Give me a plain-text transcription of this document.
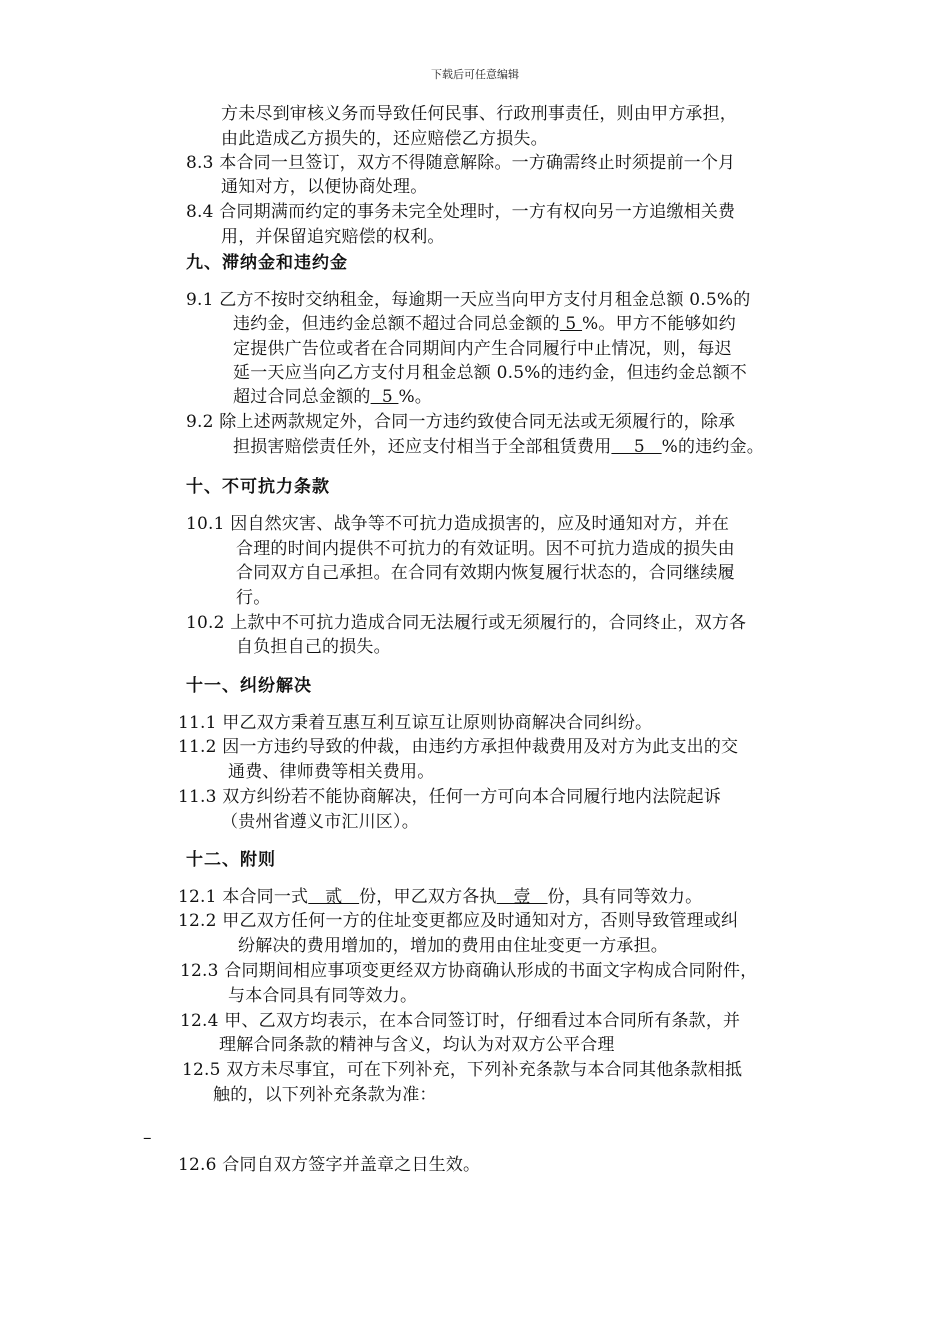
下载后可任意编辑
方未尽到审核义务而导致任何民事、行政刑事责任，则由甲方承担，
由此造成乙方损失的，还应赔偿乙方损失。
8.3 本合同一旦签订，双方不得随意解除。一方确需终止时须提前一个月
通知对方，以便协商处理。
8.4 合同期满而约定的事务未完全处理时，一方有权向另一方追缴相关费
用，并保留追究赔偿的权利。
九、滞纳金和违约金
9.1 乙方不按时交纳租金，每逾期一天应当向甲方支付月租金总额 0.5%的
违约金，但违约金总额不超过合同总金额的 5 %。甲方不能够如约
定提供广告位或者在合同期间内产生合同履行中止情况，则，每迟
延一天应当向乙方支付月租金总额 0.5%的违约金，但违约金总额不
超过合同总金额的  5 %。
9.2 除上述两款规定外，合同一方违约致使合同无法或无须履行的，除承
担损害赔偿责任外，还应支付相当于全部租赁费用    5   %的违约金。
十、不可抗力条款
10.1 因自然灾害、战争等不可抗力造成损害的，应及时通知对方，并在
合理的时间内提供不可抗力的有效证明。因不可抗力造成的损失由
合同双方自己承担。在合同有效期内恢复履行状态的，合同继续履
行。
10.2 上款中不可抗力造成合同无法履行或无须履行的，合同终止，双方各
自负担自己的损失。
十一、纠纷解决
11.1 甲乙双方秉着互惠互利互谅互让原则协商解决合同纠纷。
11.2 因一方违约导致的仲裁，由违约方承担仲裁费用及对方为此支出的交
通费、律师费等相关费用。
11.3 双方纠纷若不能协商解决，任何一方可向本合同履行地内法院起诉
（贵州省遵义市汇川区）。
十二、附则
12.1 本合同一式   贰   份，甲乙双方各执   壹   份，具有同等效力。
12.2 甲乙双方任何一方的住址变更都应及时通知对方，否则导致管理或纠
纷解决的费用增加的，增加的费用由住址变更一方承担。
12.3 合同期间相应事项变更经双方协商确认形成的书面文字构成合同附件，
与本合同具有同等效力。
12.4 甲、乙双方均表示，在本合同签订时，仔细看过本合同所有条款，并
理解合同条款的精神与含义，均认为对双方公平合理
12.5 双方未尽事宜，可在下列补充，下列补充条款与本合同其他条款相抵
触的，以下列补充条款为准：
–
12.6 合同自双方签字并盖章之日生效。
